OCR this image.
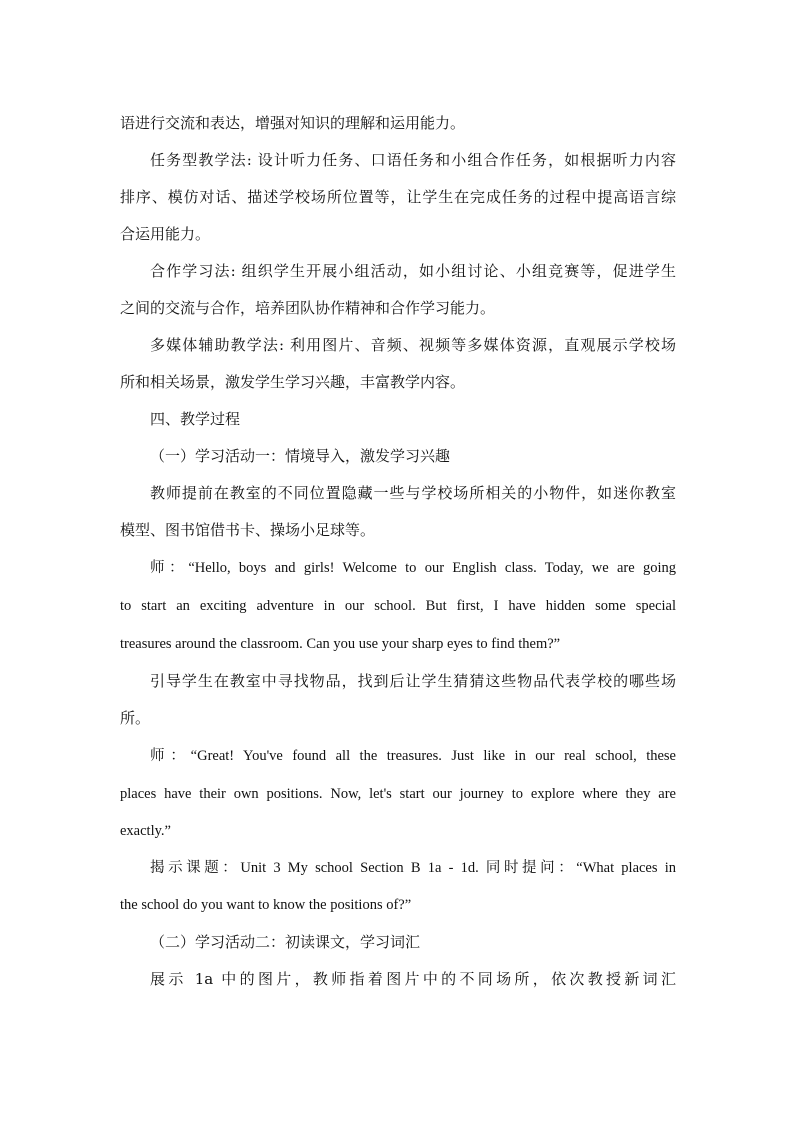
语进行交流和表达，增强对知识的理解和运用能力。
任务型教学法: 设计听力任务、口语任务和小组合作任务，如根据听力内容
排序、模仿对话、描述学校场所位置等，让学生在完成任务的过程中提高语言综
合运用能力。
合作学习法: 组织学生开展小组活动，如小组讨论、小组竞赛等，促进学生
之间的交流与合作，培养团队协作精神和合作学习能力。
多媒体辅助教学法: 利用图片、音频、视频等多媒体资源，直观展示学校场
所和相关场景，激发学生学习兴趣，丰富教学内容。
四、教学过程
（一）学习活动一：情境导入，激发学习兴趣
教师提前在教室的不同位置隐藏一些与学校场所相关的小物件，如迷你教室
模型、图书馆借书卡、操场小足球等。
师：“Hello, boys and girls! Welcome to our English class. Today, we are going
to start an exciting adventure in our school. But first, I have hidden some special
treasures around the classroom. Can you use your sharp eyes to find them?”
引导学生在教室中寻找物品，找到后让学生猜猜这些物品代表学校的哪些场
所。
师：“Great! You've found all the treasures. Just like in our real school, these
places have their own positions. Now, let's start our journey to explore where they are
exactly.”
揭示课题：Unit 3 My school Section B 1a - 1d. 同时提问：“What places in
the school do you want to know the positions of?”
（二）学习活动二：初读课文，学习词汇
展示 1a 中的图片，教师指着图片中的不同场所，依次教授新词汇
